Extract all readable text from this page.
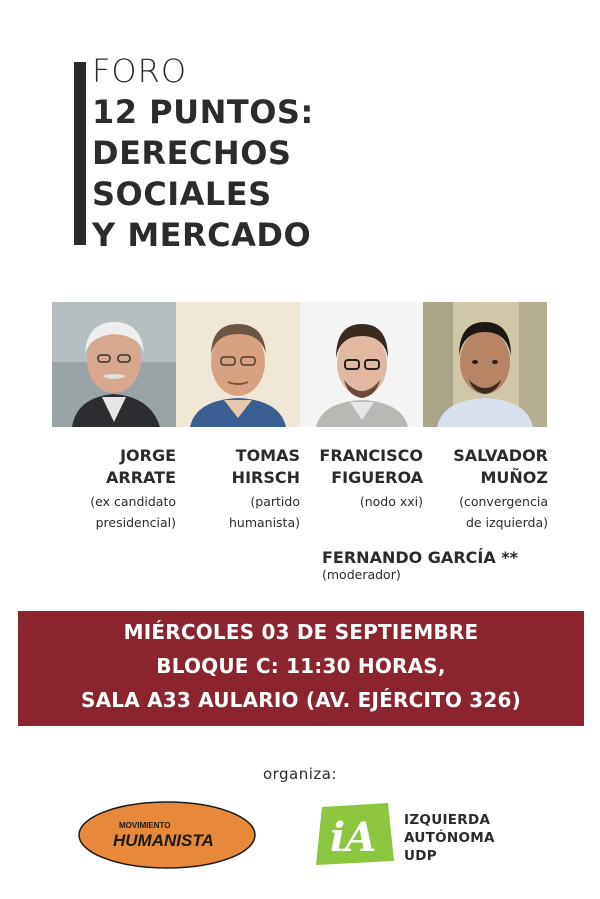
FORO
12 PUNTOS:
DERECHOS
SOCIALES
Y MERCADO
JORGE
ARRATE
(ex candidato
presidencial)
TOMAS
HIRSCH
(partido
humanista)
FRANCISCO
FIGUEROA
(nodo xxi)
SALVADOR
MUÑOZ
(convergencia
de izquierda)
FERNANDO GARCÍA **
(moderador)
MIÉRCOLES 03 DE SEPTIEMBRE
BLOQUE C: 11:30 HORAS,
SALA A33 AULARIO (AV. EJÉRCITO 326)
organiza:
MOVIMIENTO
HUMANISTA	iA IZQUIERDA
AUTÓNOMA
UDP
